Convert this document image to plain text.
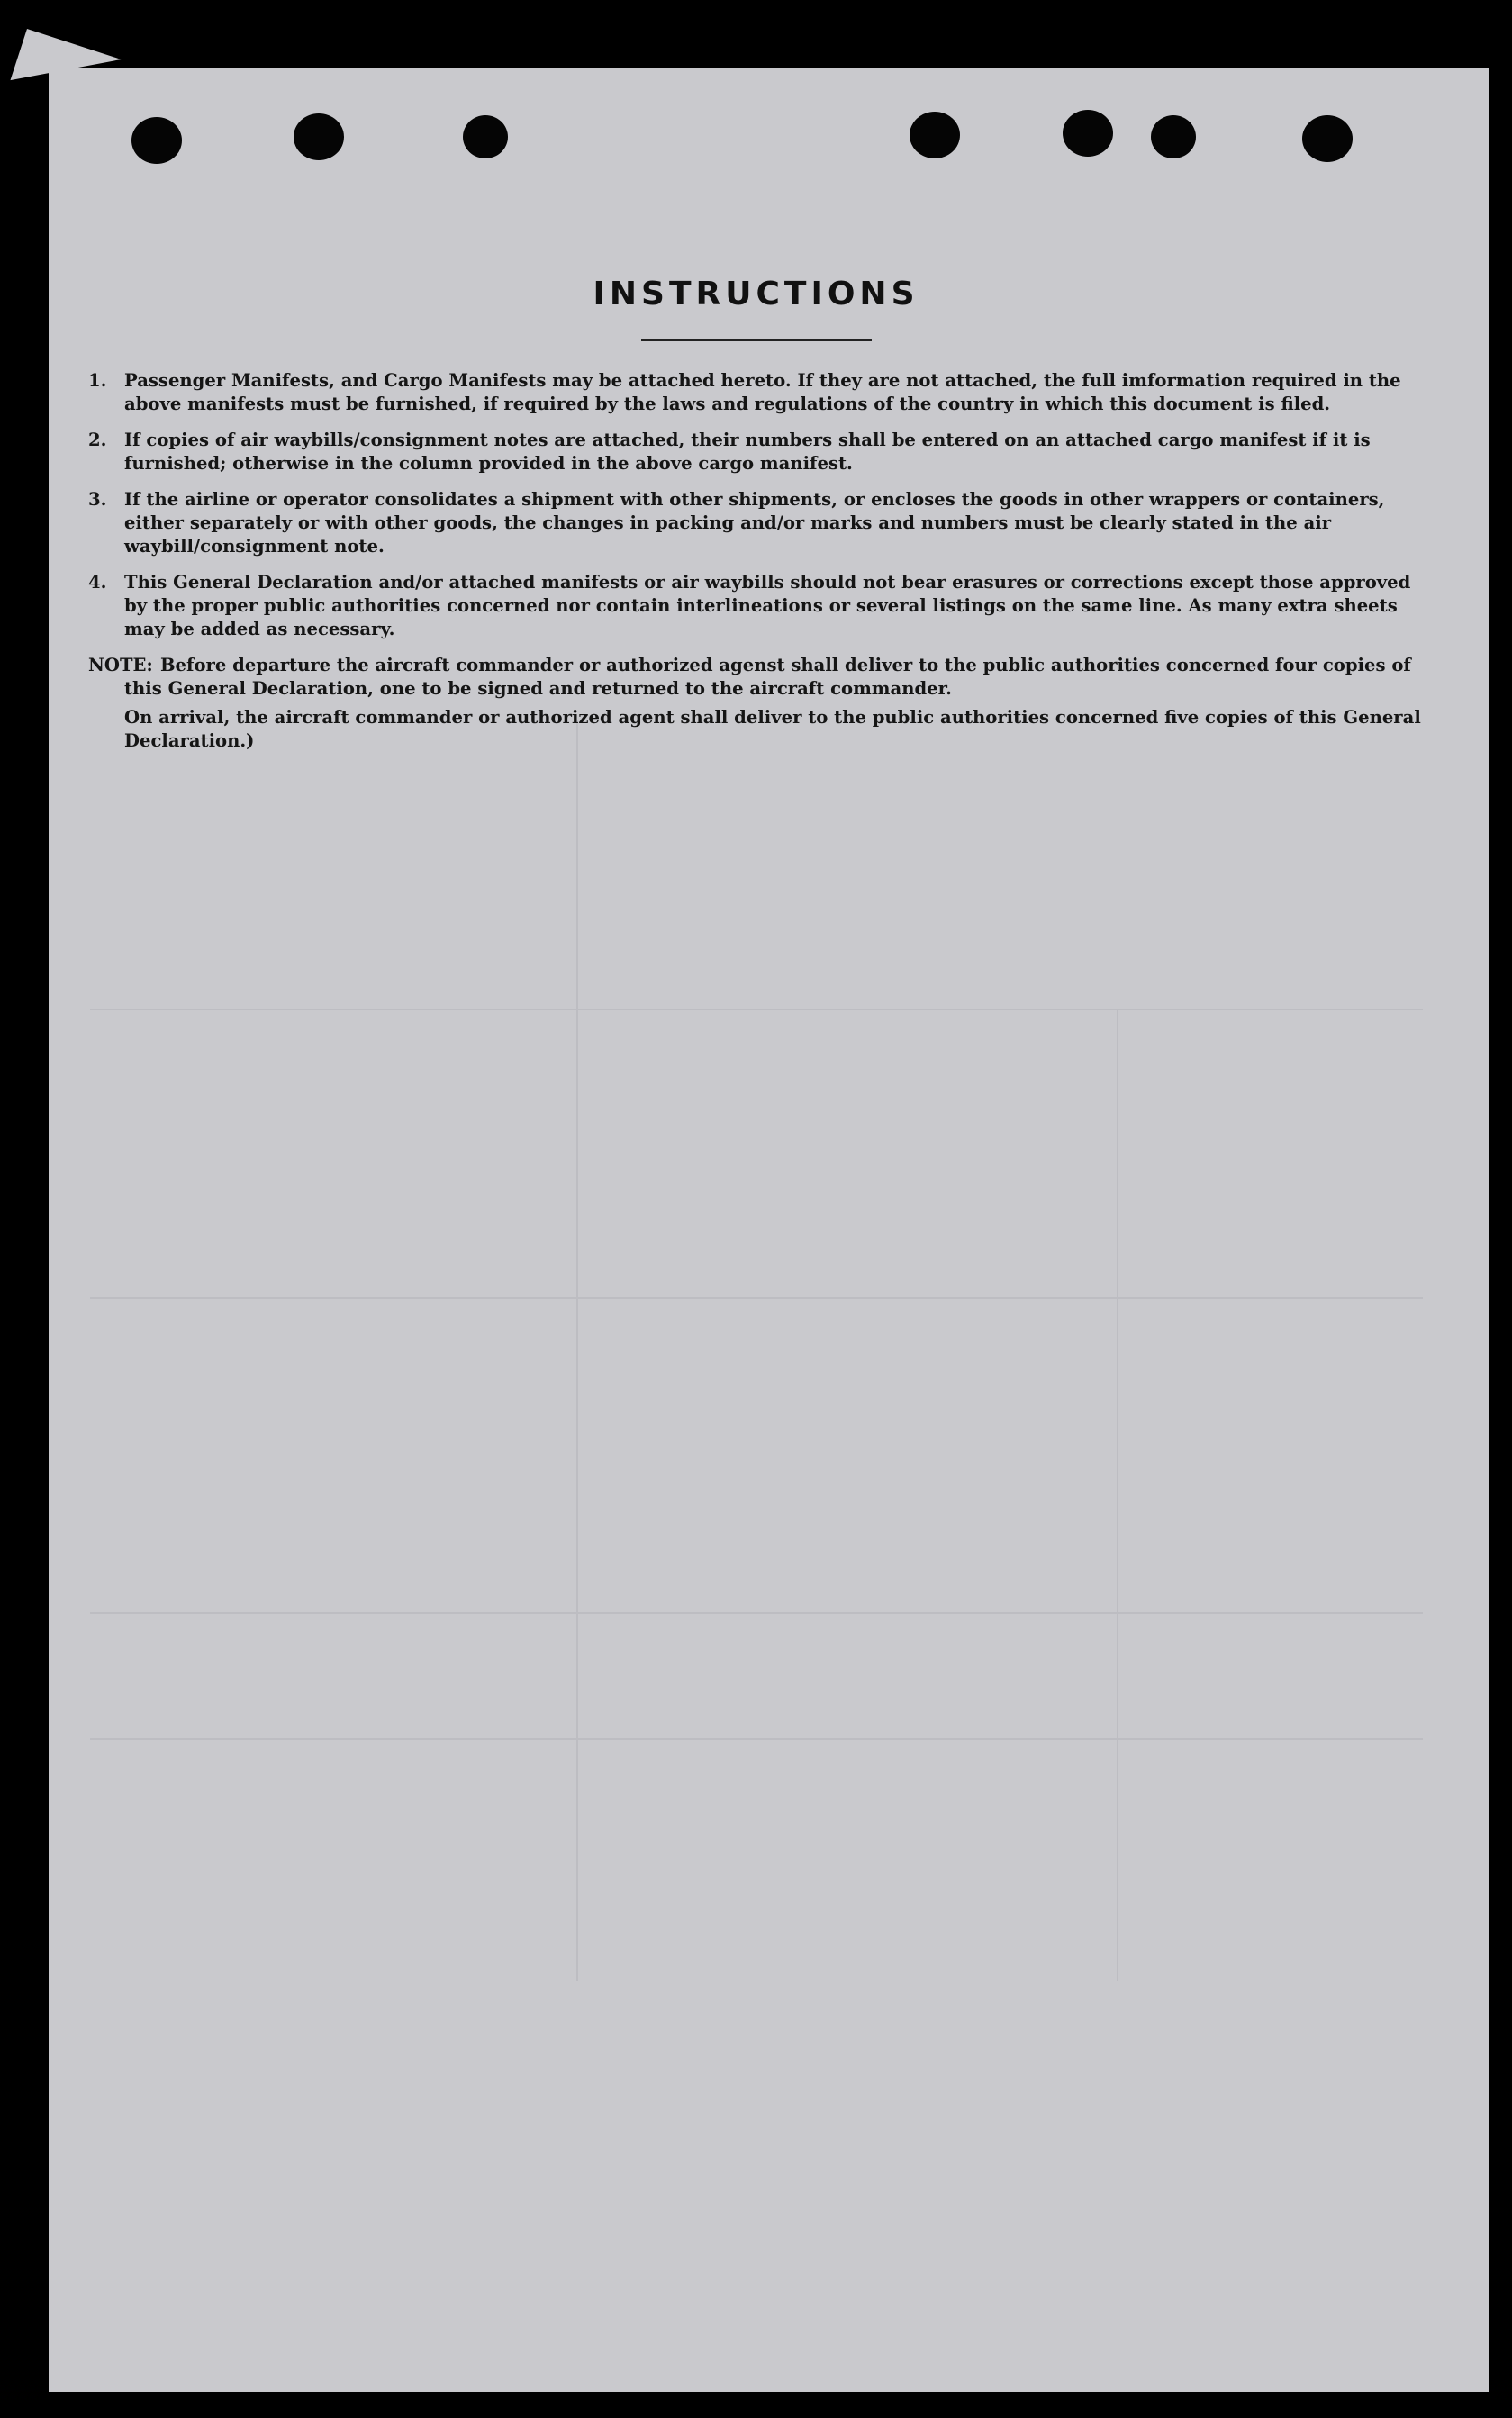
INSTRUCTIONS
1. Passenger Manifests, and Cargo Manifests may be attached hereto. If they are not attached, the full imformation required in the above manifests must be furnished, if required by the laws and regulations of the country in which this document is filed.
2. If copies of air waybills/consignment notes are attached, their numbers shall be entered on an attached cargo manifest if it is furnished; otherwise in the column provided in the above cargo manifest.
3. If the airline or operator consolidates a shipment with other shipments, or encloses the goods in other wrappers or containers, either separately or with other goods, the changes in packing and/or marks and numbers must be clearly stated in the air waybill/consignment note.
4. This General Declaration and/or attached manifests or air waybills should not bear erasures or corrections except those approved by the proper public authorities concerned nor contain interlineations or several listings on the same line. As many extra sheets may be added as necessary.
NOTE: Before departure the aircraft commander or authorized agenst shall deliver to the public authorities concerned four copies of this General Declaration, one to be signed and returned to the aircraft commander.

On arrival, the aircraft commander or authorized agent shall deliver to the public authorities concerned five copies of this General Declaration.)
